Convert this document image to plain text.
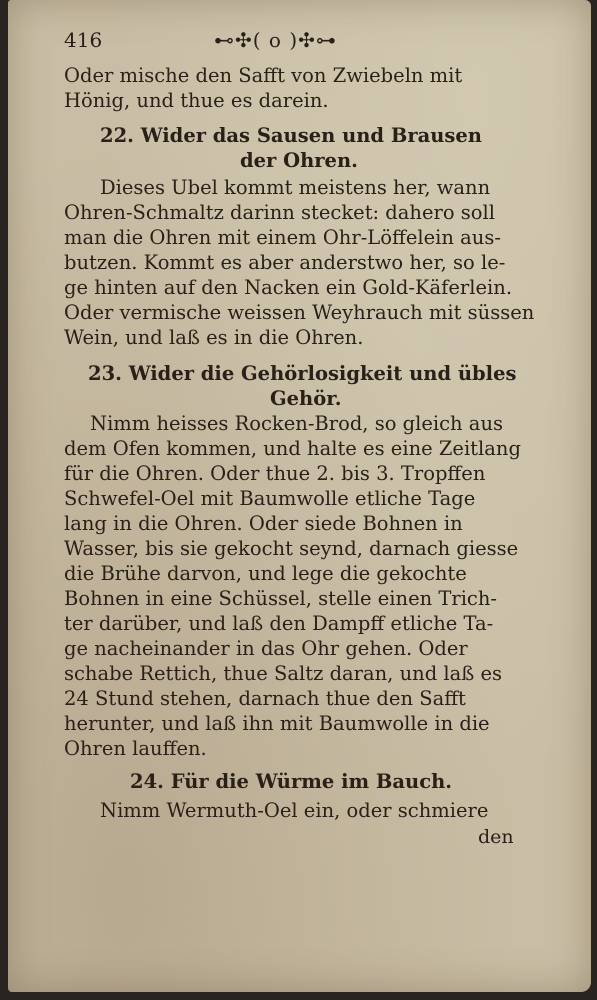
416	⊷✣( o )✣⊶
Oder mische den Safft von Zwiebeln mit
Hönig, und thue es darein.
22. Wider das Sausen und Brausen
der Ohren.
Dieses Ubel kommt meistens her, wann
Ohren-Schmaltz darinn stecket: dahero soll
man die Ohren mit einem Ohr-Löffelein aus-
butzen. Kommt es aber anderstwo her, so le-
ge hinten auf den Nacken ein Gold-Käferlein.
Oder vermische weissen Weyhrauch mit süssen
Wein, und laß es in die Ohren.
23. Wider die Gehörlosigkeit und übles
Gehör.
Nimm heisses Rocken-Brod, so gleich aus
dem Ofen kommen, und halte es eine Zeitlang
für die Ohren. Oder thue 2. bis 3. Tropffen
Schwefel-Oel mit Baumwolle etliche Tage
lang in die Ohren. Oder siede Bohnen in
Wasser, bis sie gekocht seynd, darnach giesse
die Brühe darvon, und lege die gekochte
Bohnen in eine Schüssel, stelle einen Trich-
ter darüber, und laß den Dampff etliche Ta-
ge nacheinander in das Ohr gehen. Oder
schabe Rettich, thue Saltz daran, und laß es
24 Stund stehen, darnach thue den Safft
herunter, und laß ihn mit Baumwolle in die
Ohren lauffen.
24. Für die Würme im Bauch.
Nimm Wermuth-Oel ein, oder schmiere
den
